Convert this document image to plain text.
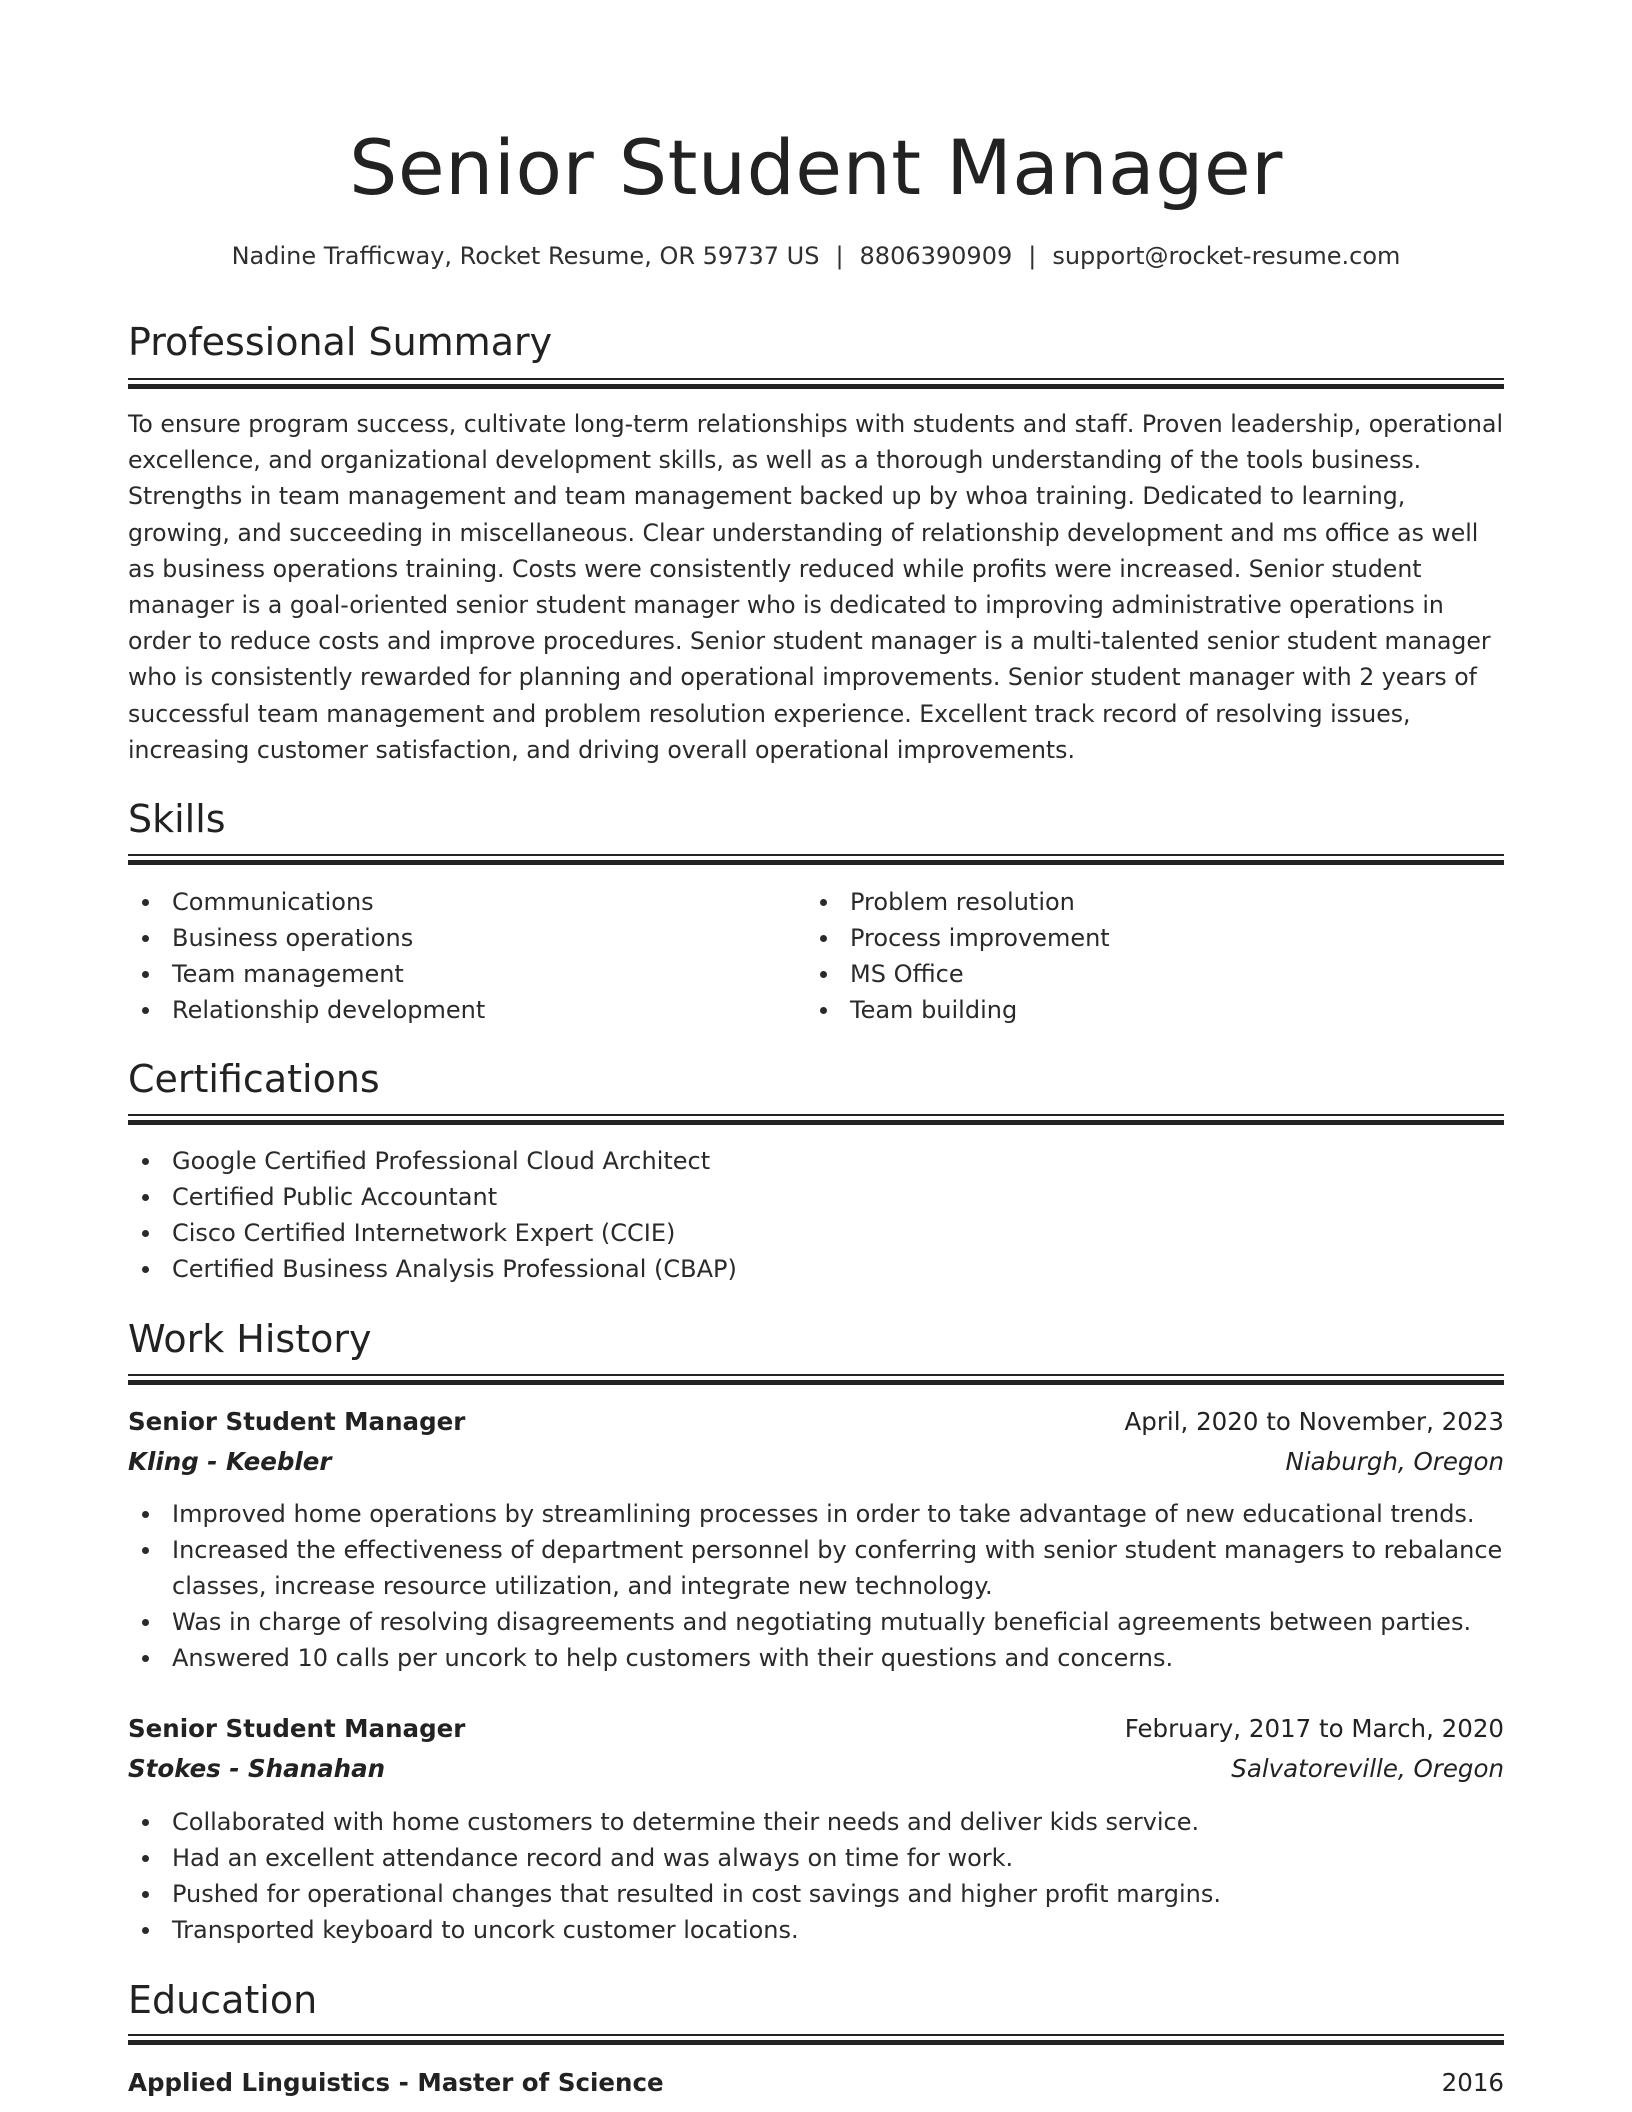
Senior Student Manager
Nadine Trafficway, Rocket Resume, OR 59737 US | 8806390909 | support@rocket-resume.com
Professional Summary

To ensure program success, cultivate long-term relationships with students and staff. Proven leadership, operational excellence, and organizational development skills, as well as a thorough understanding of the tools business. Strengths in team management and team management backed up by whoa training. Dedicated to learning, growing, and succeeding in miscellaneous. Clear understanding of relationship development and ms office as well as business operations training. Costs were consistently reduced while profits were increased. Senior student manager is a goal-oriented senior student manager who is dedicated to improving administrative operations in order to reduce costs and improve procedures. Senior student manager is a multi-talented senior student manager who is consistently rewarded for planning and operational improvements. Senior student manager with 2 years of successful team management and problem resolution experience. Excellent track record of resolving issues, increasing customer satisfaction, and driving overall operational improvements.

Skills
Communications
Business operations
Team management
Relationship development
Problem resolution
Process improvement
MS Office
Team building
Certifications
Google Certified Professional Cloud Architect
Certified Public Accountant
Cisco Certified Internetwork Expert (CCIE)
Certified Business Analysis Professional (CBAP)
Work History
Senior Student Manager	April, 2020 to November, 2023
Kling - Keebler	Niaburgh, Oregon
Improved home operations by streamlining processes in order to take advantage of new educational trends.
Increased the effectiveness of department personnel by conferring with senior student managers to rebalance classes, increase resource utilization, and integrate new technology.
Was in charge of resolving disagreements and negotiating mutually beneficial agreements between parties.
Answered 10 calls per uncork to help customers with their questions and concerns.
Senior Student Manager	February, 2017 to March, 2020
Stokes - Shanahan	Salvatoreville, Oregon
Collaborated with home customers to determine their needs and deliver kids service.
Had an excellent attendance record and was always on time for work.
Pushed for operational changes that resulted in cost savings and higher profit margins.
Transported keyboard to uncork customer locations.
Education
Applied Linguistics - Master of Science	2016
